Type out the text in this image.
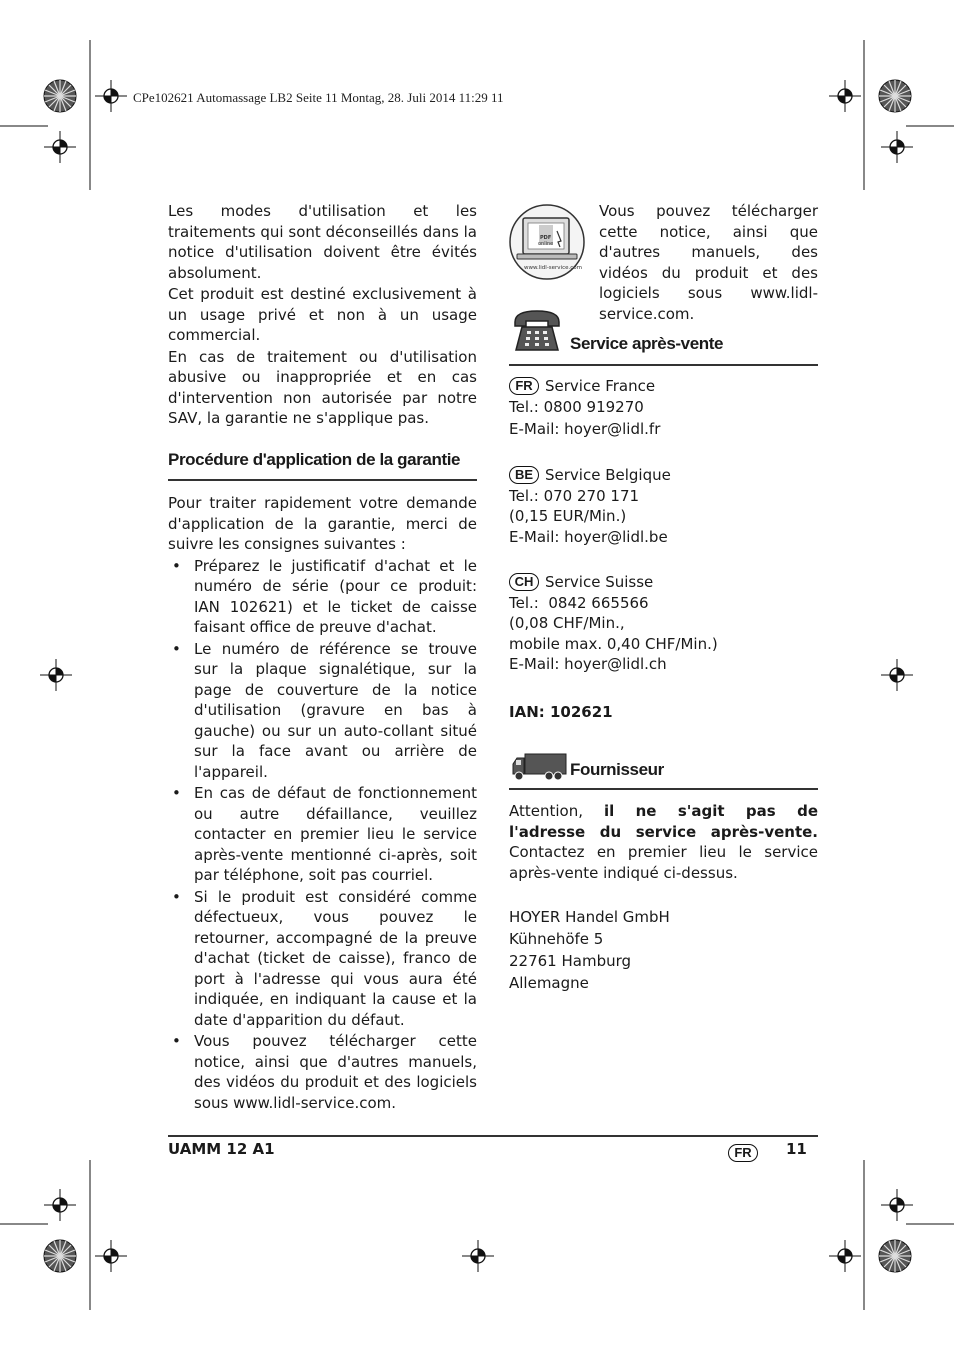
CPe102621 Automassage LB2 Seite 11 Montag, 28. Juli 2014 11:29 11

Les modes d'utilisation et les traitements qui sont déconseillés dans la notice d'utilisation doivent être évités absolument.

Cet produit est destiné exclusivement à un usage privé et non à un usage commercial.

En cas de traitement ou d'utilisation abusive ou inappropriée et en cas d'intervention non autorisée par notre SAV, la garantie ne s'applique pas.

Procédure d'application de la garantie

Pour traiter rapidement votre demande d'application de la garantie, merci de suivre les consignes suivantes :

• Préparez le justificatif d'achat et le numéro de série (pour ce produit: IAN 102621) et le ticket de caisse faisant office de preuve d'achat.
• Le numéro de référence se trouve sur la plaque signalétique, sur la page de couverture de la notice d'utilisation (gravure en bas à gauche) ou sur un auto-collant situé sur la face avant ou arrière de l'appareil.
• En cas de défaut de fonctionnement ou autre défaillance, veuillez contacter en premier lieu le service après-vente mentionné ci-après, soit par téléphone, soit pas courriel.
• Si le produit est considéré comme défectueux, vous pouvez le retourner, accompagné de la preuve d'achat (ticket de caisse), franco de port à l'adresse qui vous aura été indiquée, en indiquant la cause et la date d'apparition du défaut.
• Vous pouvez télécharger cette notice, ainsi que d'autres manuels, des vidéos du produit et des logiciels sous www.lidl-service.com.
PDF
online
www.lidl-service.com
Vous pouvez télécharger cette notice, ainsi que d'autres manuels, des vidéos du produit et des logiciels sous www.lidl-service.com.
Service après-vente
FR Service France
Tel.: 0800 919270
E-Mail: hoyer@lidl.fr
BE Service Belgique
Tel.: 070 270 171
(0,15 EUR/Min.)
E-Mail: hoyer@lidl.be
CH Service Suisse
Tel.:  0842 665566
(0,08 CHF/Min.,
mobile max. 0,40 CHF/Min.)
E-Mail: hoyer@lidl.ch
IAN: 102621
Fournisseur
Attention, il ne s'agit pas de l'adresse du service après-vente. Contactez en premier lieu le service après-vente indiqué ci-dessus.
HOYER Handel GmbH
Kühnehöfe 5
22761 Hamburg
Allemagne
UAMM 12 A1	FR	11
